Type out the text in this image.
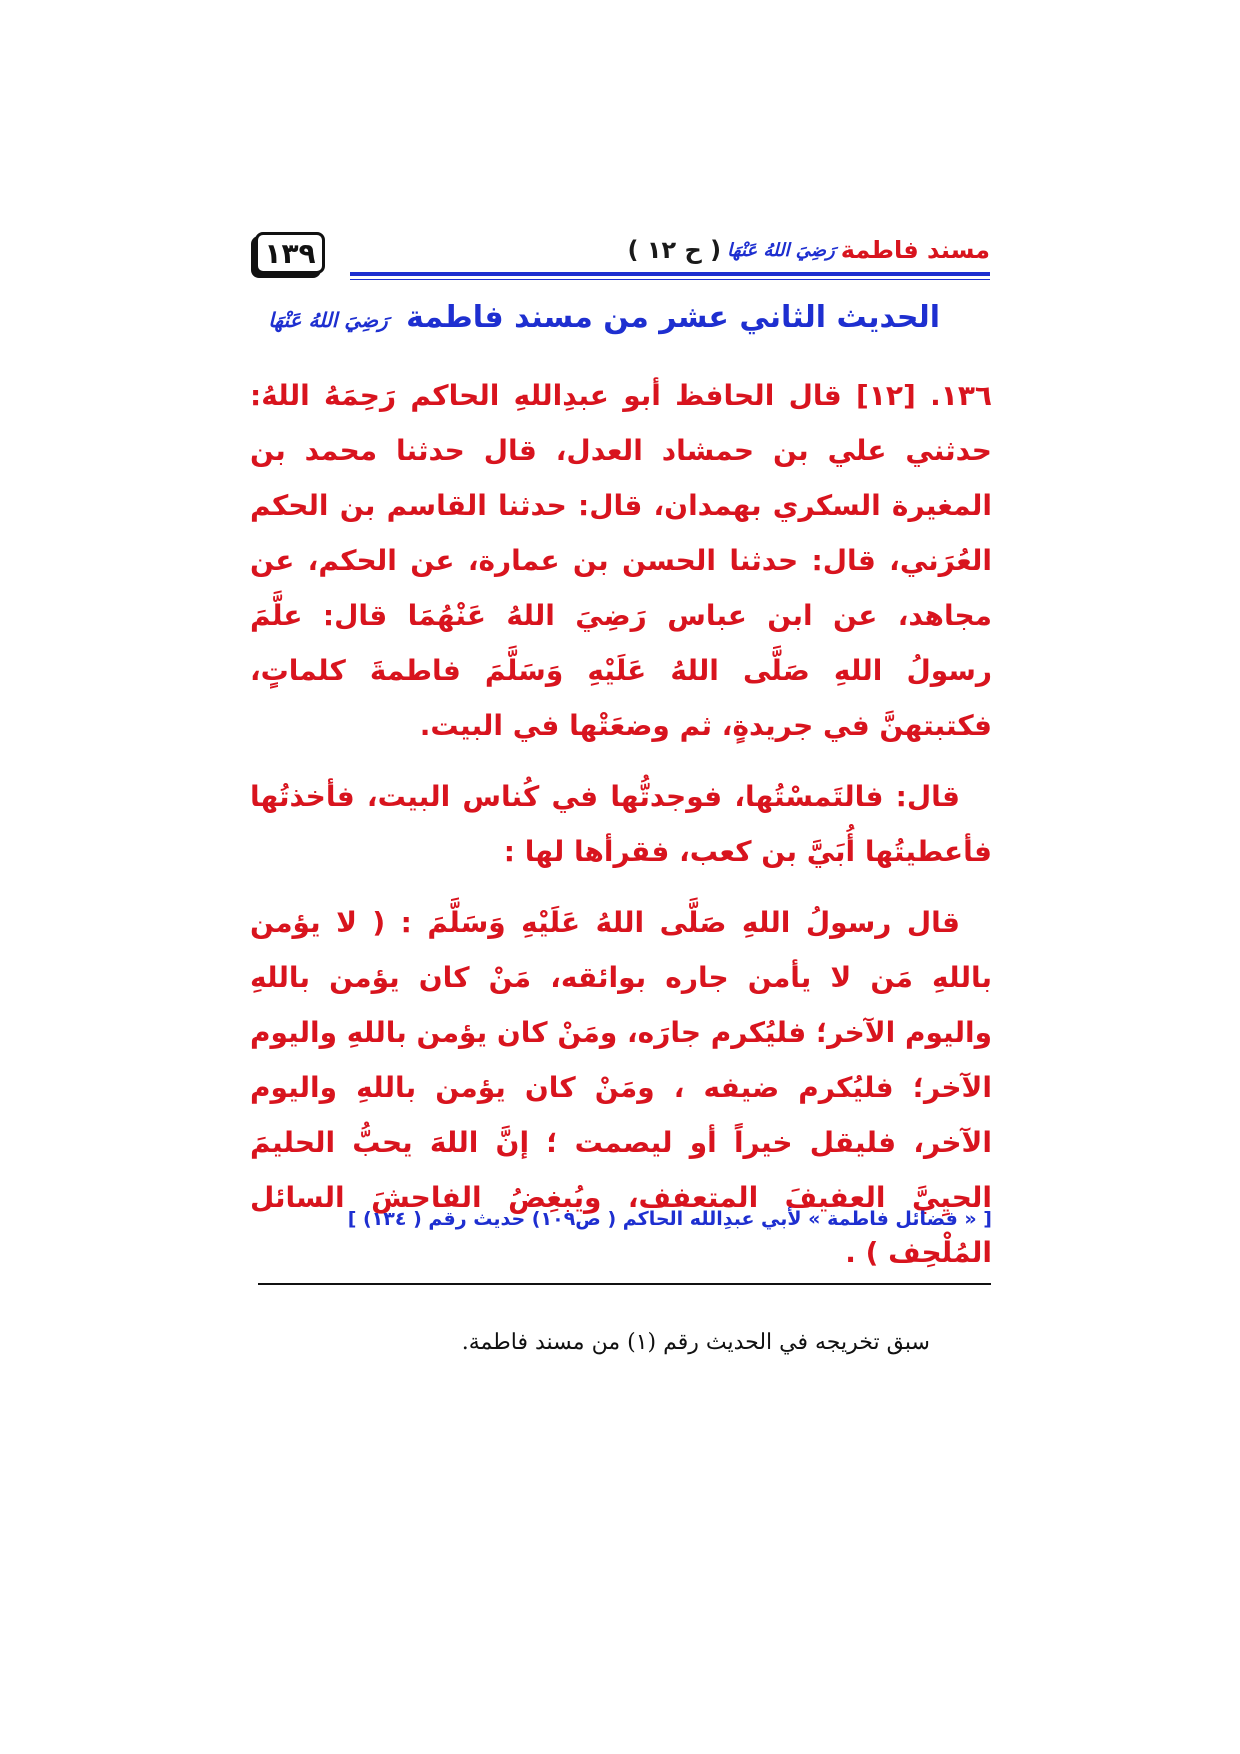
١٣٩	مسند فاطمة
رَضِيَ اللهُ عَنْهَا
( ح ١٢ )
الحديث الثاني عشر من مسند فاطمة رَضِيَ اللهُ عَنْهَا

١٣٦. [١٢] قال الحافظ أبو عبدِاللهِ الحاكم رَحِمَهُ اللهُ: حدثني علي بن حمشاد العدل، قال حدثنا محمد بن المغيرة السكري بهمدان، قال: حدثنا القاسم بن الحكم العُرَني، قال: حدثنا الحسن بن عمارة، عن الحكم، عن مجاهد، عن ابن عباس رَضِيَ اللهُ عَنْهُمَا قال: علَّمَ رسولُ اللهِ صَلَّى اللهُ عَلَيْهِ وَسَلَّمَ فاطمةَ كلماتٍ، فكتبتهنَّ في جريدةٍ، ثم وضعَتْها في البيت.

قال: فالتَمسْتُها، فوجدتُّها في كُناس البيت، فأخذتُها فأعطيتُها أُبَيَّ بن كعب، فقرأها لها :

قال رسولُ اللهِ صَلَّى اللهُ عَلَيْهِ وَسَلَّمَ : ( لا يؤمن باللهِ مَن لا يأمن جاره بوائقه، مَنْ كان يؤمن باللهِ واليوم الآخر؛ فليُكرم جارَه، ومَنْ كان يؤمن باللهِ واليوم الآخر؛ فليُكرم ضيفه ، ومَنْ كان يؤمن باللهِ واليوم الآخر، فليقل خيراً أو ليصمت ؛ إنَّ اللهَ يحبُّ الحليمَ الحيِيَّ العفيفَ المتعفف، ويُبغِضُ الفاحشَ السائل المُلْحِف ) .

[ « فضائل فاطمة » لأبي عبدِالله الحاكم ( ص١٠٩) حديث رقم ( ١٣٤) ]
سبق تخريجه في الحديث رقم (١) من مسند فاطمة.
